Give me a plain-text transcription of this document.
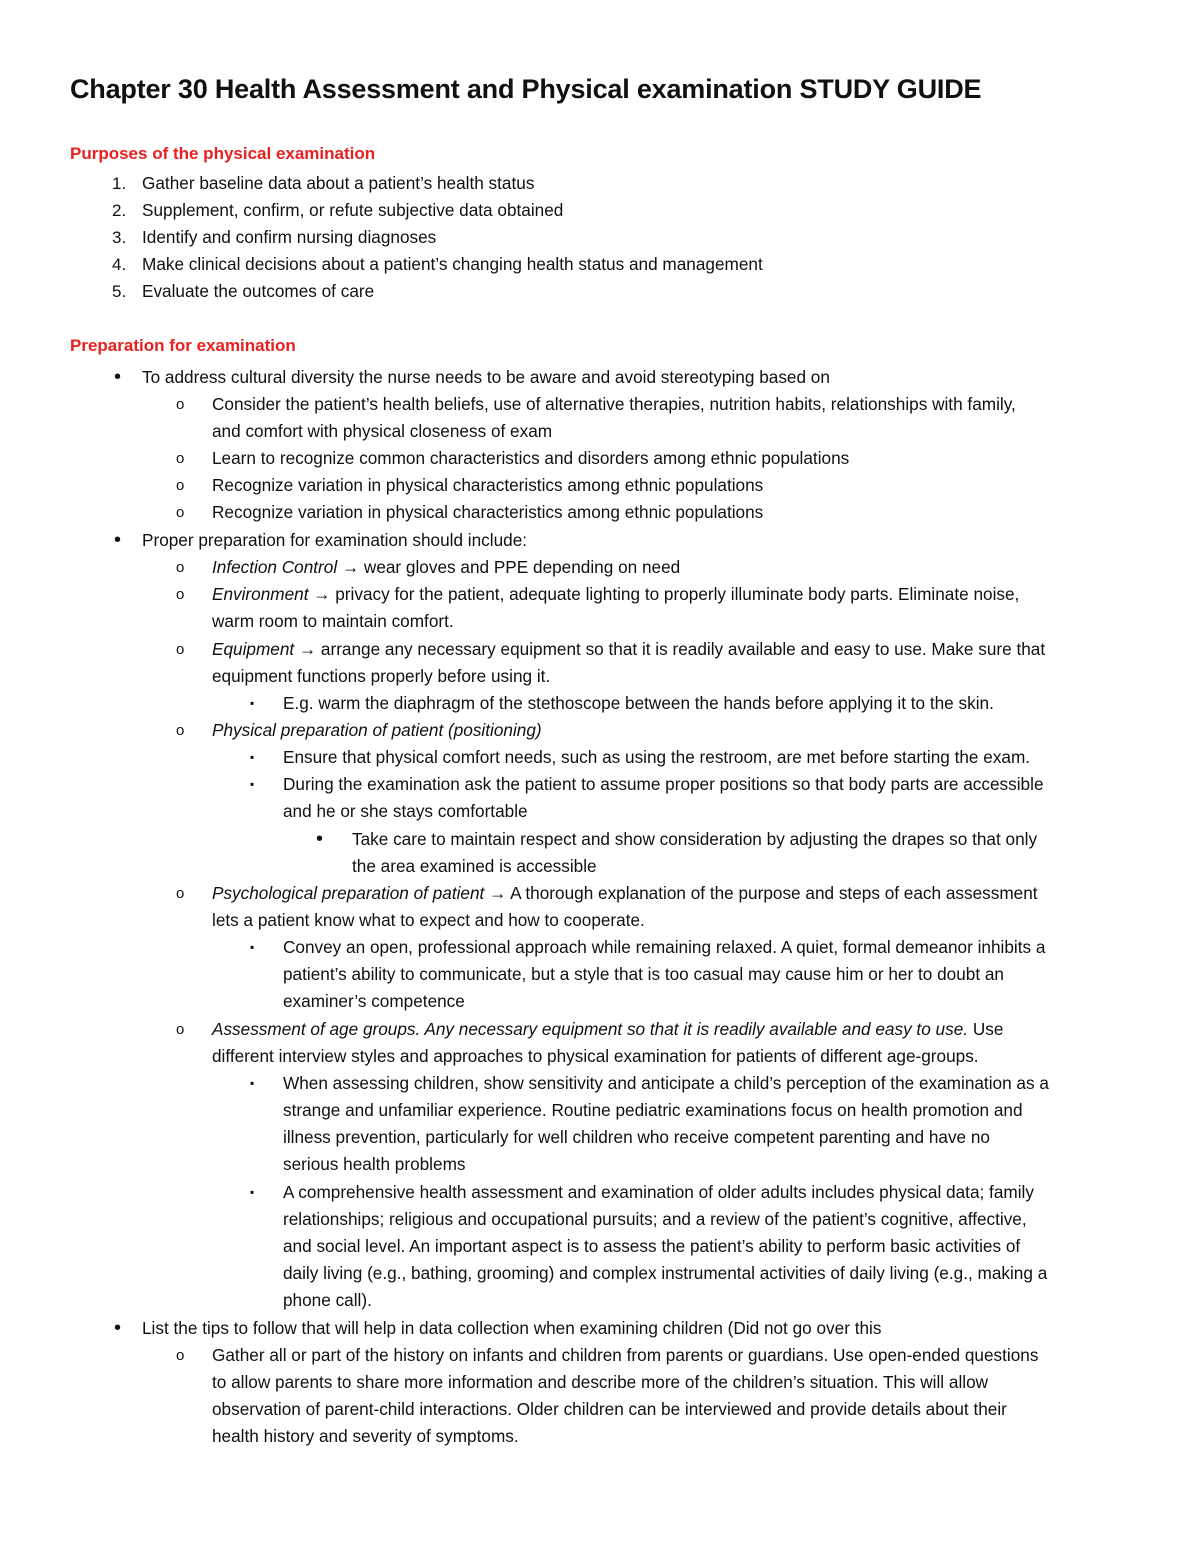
Chapter 30 Health Assessment and Physical examination STUDY GUIDE
Purposes of the physical examination
1. Gather baseline data about a patient’s health status
2. Supplement, confirm, or refute subjective data obtained
3. Identify and confirm nursing diagnoses
4. Make clinical decisions about a patient’s changing health status and management
5. Evaluate the outcomes of care
Preparation for examination
• To address cultural diversity the nurse needs to be aware and avoid stereotyping based on
o Consider the patient’s health beliefs, use of alternative therapies, nutrition habits, relationships with family,
and comfort with physical closeness of exam
o Learn to recognize common characteristics and disorders among ethnic populations
o Recognize variation in physical characteristics among ethnic populations
o Recognize variation in physical characteristics among ethnic populations
• Proper preparation for examination should include:
o Infection Control → wear gloves and PPE depending on need
o Environment → privacy for the patient, adequate lighting to properly illuminate body parts. Eliminate noise,
warm room to maintain comfort.
o Equipment → arrange any necessary equipment so that it is readily available and easy to use. Make sure that
equipment functions properly before using it.
▪ E.g. warm the diaphragm of the stethoscope between the hands before applying it to the skin.
o Physical preparation of patient (positioning)
▪ Ensure that physical comfort needs, such as using the restroom, are met before starting the exam.
▪ During the examination ask the patient to assume proper positions so that body parts are accessible
and he or she stays comfortable
• Take care to maintain respect and show consideration by adjusting the drapes so that only
the area examined is accessible
o Psychological preparation of patient → A thorough explanation of the purpose and steps of each assessment
lets a patient know what to expect and how to cooperate.
▪ Convey an open, professional approach while remaining relaxed. A quiet, formal demeanor inhibits a
patient’s ability to communicate, but a style that is too casual may cause him or her to doubt an
examiner’s competence
o Assessment of age groups. Any necessary equipment so that it is readily available and easy to use. Use
different interview styles and approaches to physical examination for patients of different age-groups.
▪ When assessing children, show sensitivity and anticipate a child’s perception of the examination as a
strange and unfamiliar experience. Routine pediatric examinations focus on health promotion and
illness prevention, particularly for well children who receive competent parenting and have no
serious health problems
▪ A comprehensive health assessment and examination of older adults includes physical data; family
relationships; religious and occupational pursuits; and a review of the patient’s cognitive, affective,
and social level. An important aspect is to assess the patient’s ability to perform basic activities of
daily living (e.g., bathing, grooming) and complex instrumental activities of daily living (e.g., making a
phone call).
• List the tips to follow that will help in data collection when examining children (Did not go over this
o Gather all or part of the history on infants and children from parents or guardians. Use open-ended questions
to allow parents to share more information and describe more of the children’s situation. This will allow
observation of parent-child interactions. Older children can be interviewed and provide details about their
health history and severity of symptoms.
